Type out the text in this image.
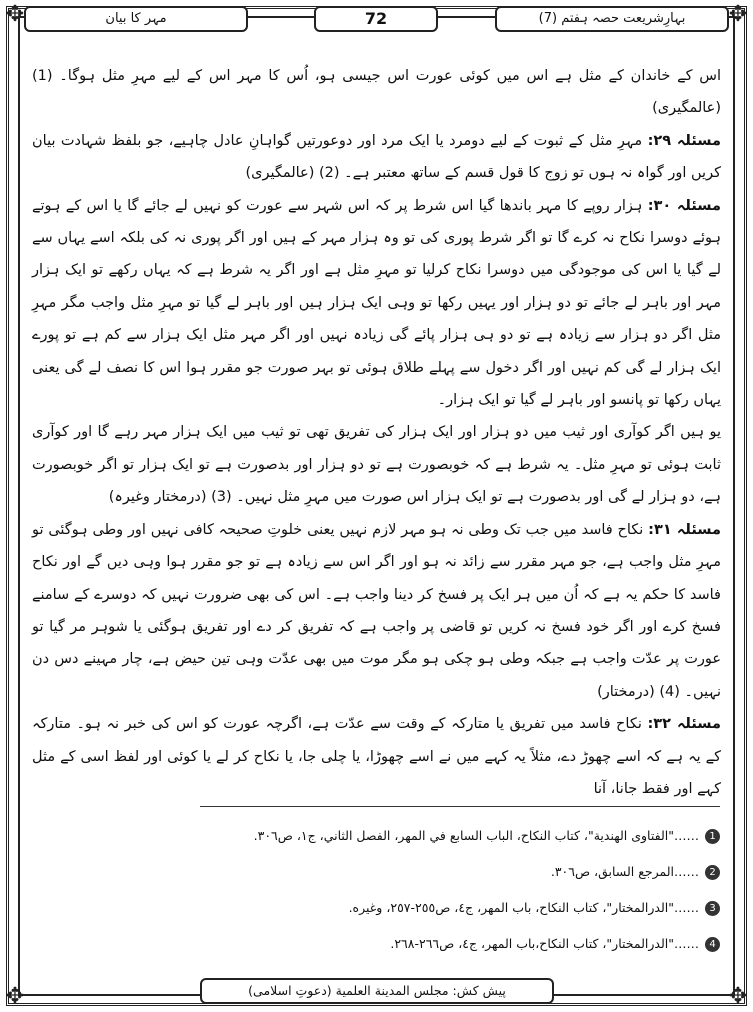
✥	✥
✥	✥
بہارِشریعت حصہ ہفتم (7)
72
مہر کا بیان

اس کے خاندان کے مثل ہے اس میں کوئی عورت اس جیسی ہو، اُس کا مہر اس کے لیے مہرِ مثل ہوگا۔ (1) (عالمگیری)

مسئلہ ۲۹: مہرِ مثل کے ثبوت کے لیے دومرد یا ایک مرد اور دوعورتیں گواہانِ عادل چاہیے، جو بلفظ شہادت بیان کریں اور گواہ نہ ہوں تو زوج کا قول قسم کے ساتھ معتبر ہے۔ (2) (عالمگیری)

مسئلہ ۳۰: ہزار روپے کا مہر باندھا گیا اس شرط پر کہ اس شہر سے عورت کو نہیں لے جائے گا یا اس کے ہوتے ہوئے دوسرا نکاح نہ کرے گا تو اگر شرط پوری کی تو وہ ہزار مہر کے ہیں اور اگر پوری نہ کی بلکہ اسے یہاں سے لے گیا یا اس کی موجودگی میں دوسرا نکاح کرلیا تو مہرِ مثل ہے اور اگر یہ شرط ہے کہ یہاں رکھے تو ایک ہزار مہر اور باہر لے جائے تو دو ہزار اور یہیں رکھا تو وہی ایک ہزار ہیں اور باہر لے گیا تو مہرِ مثل واجب مگر مہرِ مثل اگر دو ہزار سے زیادہ ہے تو دو ہی ہزار پائے گی زیادہ نہیں اور اگر مہر مثل ایک ہزار سے کم ہے تو پورے ایک ہزار لے گی کم نہیں اور اگر دخول سے پہلے طلاق ہوئی تو بہر صورت جو مقرر ہوا اس کا نصف لے گی یعنی یہاں رکھا تو پانسو اور باہر لے گیا تو ایک ہزار۔

یو ہیں اگر کوآری اور ثیب میں دو ہزار اور ایک ہزار کی تفریق تھی تو ثیب میں ایک ہزار مہر رہے گا اور کوآری ثابت ہوئی تو مہرِ مثل۔ یہ شرط ہے کہ خوبصورت ہے تو دو ہزار اور بدصورت ہے تو ایک ہزار تو اگر خوبصورت ہے، دو ہزار لے گی اور بدصورت ہے تو ایک ہزار اس صورت میں مہرِ مثل نہیں۔ (3) (درمختار وغیرہ)

مسئلہ ۳۱: نکاح فاسد میں جب تک وطی نہ ہو مہر لازم نہیں یعنی خلوتِ صحیحہ کافی نہیں اور وطی ہوگئی تو مہرِ مثل واجب ہے، جو مہر مقرر سے زائد نہ ہو اور اگر اس سے زیادہ ہے تو جو مقرر ہوا وہی دیں گے اور نکاح فاسد کا حکم یہ ہے کہ اُن میں ہر ایک پر فسخ کر دینا واجب ہے۔ اس کی بھی ضرورت نہیں کہ دوسرے کے سامنے فسخ کرے اور اگر خود فسخ نہ کریں تو قاضی پر واجب ہے کہ تفریق کر دے اور تفریق ہوگئی یا شوہر مر گیا تو عورت پر عدّت واجب ہے جبکہ وطی ہو چکی ہو مگر موت میں بھی عدّت وہی تین حیض ہے، چار مہینے دس دن نہیں۔ (4) (درمختار)

مسئلہ ۳۲: نکاح فاسد میں تفریق یا متارکہ کے وقت سے عدّت ہے، اگرچہ عورت کو اس کی خبر نہ ہو۔ متارکہ کے یہ ہے کہ اسے چھوڑ دے، مثلاً یہ کہے میں نے اسے چھوڑا، یا چلی جا، یا نکاح کر لے یا کوئی اور لفظ اسی کے مثل کہے اور فقط جانا، آنا

1
……"الفتاوی الهندية"، كتاب النكاح، الباب السابع في المهر، الفصل الثاني، ج١، ص٣٠٦.
2
……المرجع السابق، ص٣٠٦.
3
……"الدرالمختار"، كتاب النكاح، باب المهر، ج٤، ص٢٥٥-٢٥٧، وغيره.
4
……"الدرالمختار"، كتاب النكاح،باب المهر، ج٤، ص٢٦٦-٢٦٨.
پیش کش: مجلس المدينة العلمية (دعوتِ اسلامی)
